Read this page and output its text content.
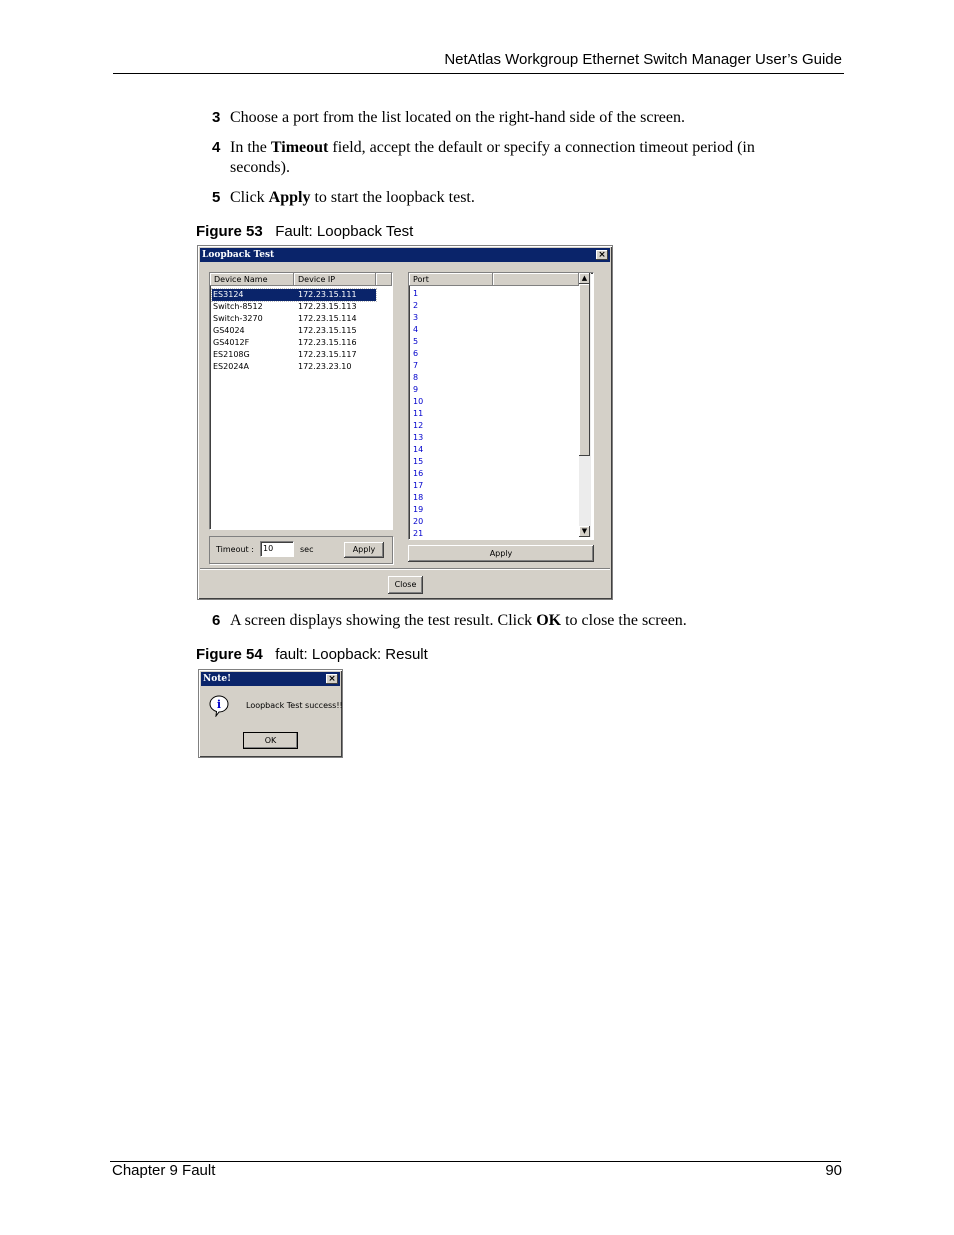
NetAtlas Workgroup Ethernet Switch Manager User’s Guide
3 Choose a port from the list located on the right-hand side of the screen.
4 In the Timeout field, accept the default or specify a connection timeout period (in
seconds).
5 Click Apply to start the loopback test.
Figure 53 Fault: Loopback Test
Loopback Test	×
Device Name	Device IP
ES3124	172.23.15.111
Switch-8512	172.23.15.113
Switch-3270	172.23.15.114
GS4024	172.23.15.115
GS4012F	172.23.15.116
ES2108G	172.23.15.117
ES2024A	172.23.23.10
Port
1
2
3
4
5
6
7
8
9
10
11
12
13
14
15
16
17
18
19
20
21
▲
▼
Timeout :	10	sec	Apply	Apply
Close
6 A screen displays showing the test result. Click OK to close the screen.
Figure 54 fault: Loopback: Result
Note!	×
i	Loopback Test success!!
OK
Chapter 9 Fault	90
